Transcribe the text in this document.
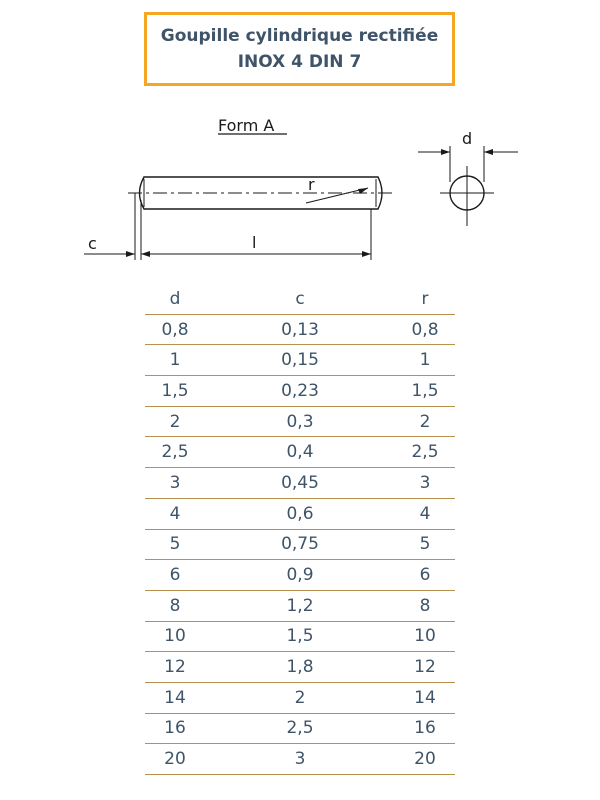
Goupille cylindrique rectifiée
INOX 4 DIN 7
Form A
r
c	l
d
d	c	r
0,8	0,13	0,8
1	0,15	1
1,5	0,23	1,5
2	0,3	2
2,5	0,4	2,5
3	0,45	3
4	0,6	4
5	0,75	5
6	0,9	6
8	1,2	8
10	1,5	10
12	1,8	12
14	2	14
16	2,5	16
20	3	20
